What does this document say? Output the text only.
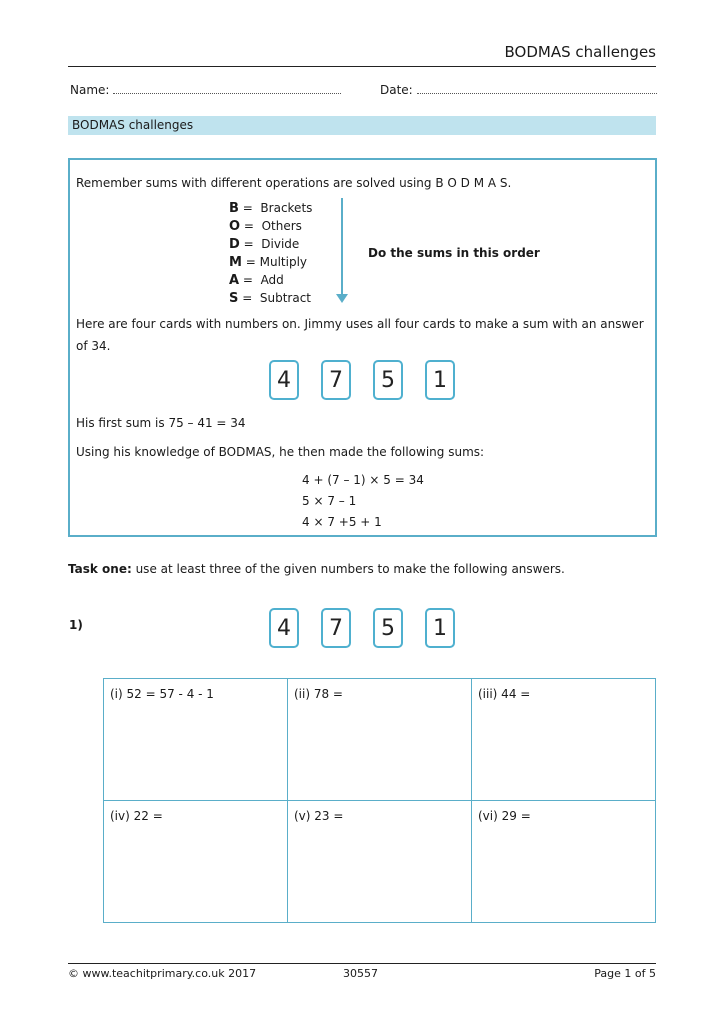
BODMAS challenges
Name:	Date:
BODMAS challenges
Remember sums with different operations are solved using B O D M A S.
B =  Brackets
O =  Others
D =  Divide
M = Multiply
A =  Add
S =  Subtract
Do the sums in this order
Here are four cards with numbers on. Jimmy uses all four cards to make a sum with an answer
of 34.
4	7	5	1
His first sum is 75 – 41 = 34
Using his knowledge of BODMAS, he then made the following sums:
4 + (7 – 1) × 5 = 34
5 × 7 – 1
4 × 7 +5 + 1
Task one: use at least three of the given numbers to make the following answers.
1)	4	7	5	1
(i) 52 = 57 - 4 - 1	(ii) 78 =	(iii) 44 =
(iv) 22 =	(v) 23 =	(vi) 29 =
© www.teachitprimary.co.uk 2017	30557	Page 1 of 5
